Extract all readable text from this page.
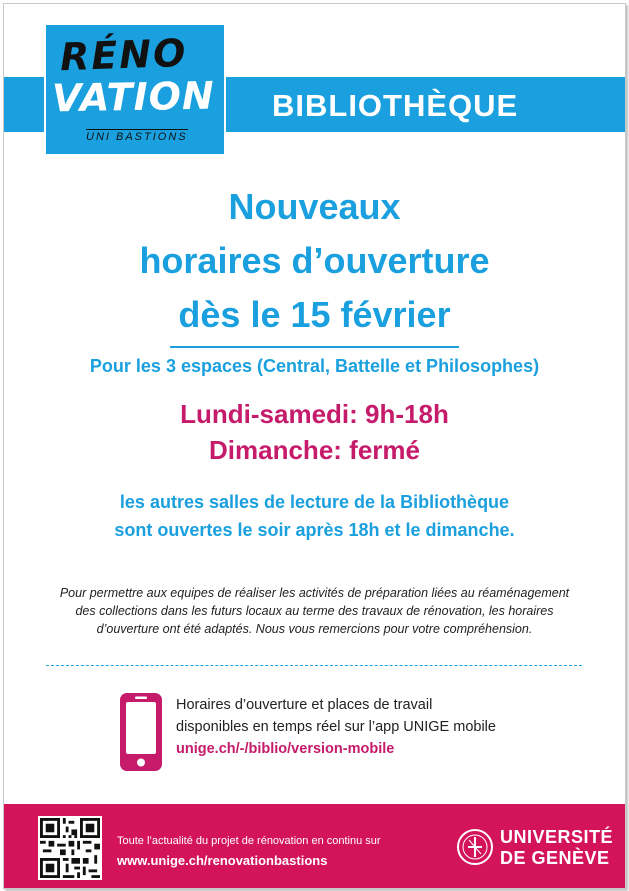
BIBLIOTHÈQUE
RÉNO
VATION
UNI BASTIONS
Nouveaux
horaires d’ouverture
dès le 15 février
Pour les 3 espaces (Central, Battelle et Philosophes)
Lundi-samedi: 9h-18h
Dimanche: fermé
les autres salles de lecture de la Bibliothèque
sont ouvertes le soir après 18h et le dimanche.
Pour permettre aux equipes de réaliser les activités de préparation liées au réaménagement
des collections dans les futurs locaux au terme des travaux de rénovation, les horaires
d’ouverture ont été adaptés. Nous vous remercions pour votre compréhension.
Horaires d’ouverture et places de travail
disponibles en temps réel sur l’app UNIGE mobile
unige.ch/-/biblio/version-mobile
Toute l’actualité du projet de rénovation en continu sur
www.unige.ch/renovationbastions
UNIVERSITÉ
DE GENÈVE
